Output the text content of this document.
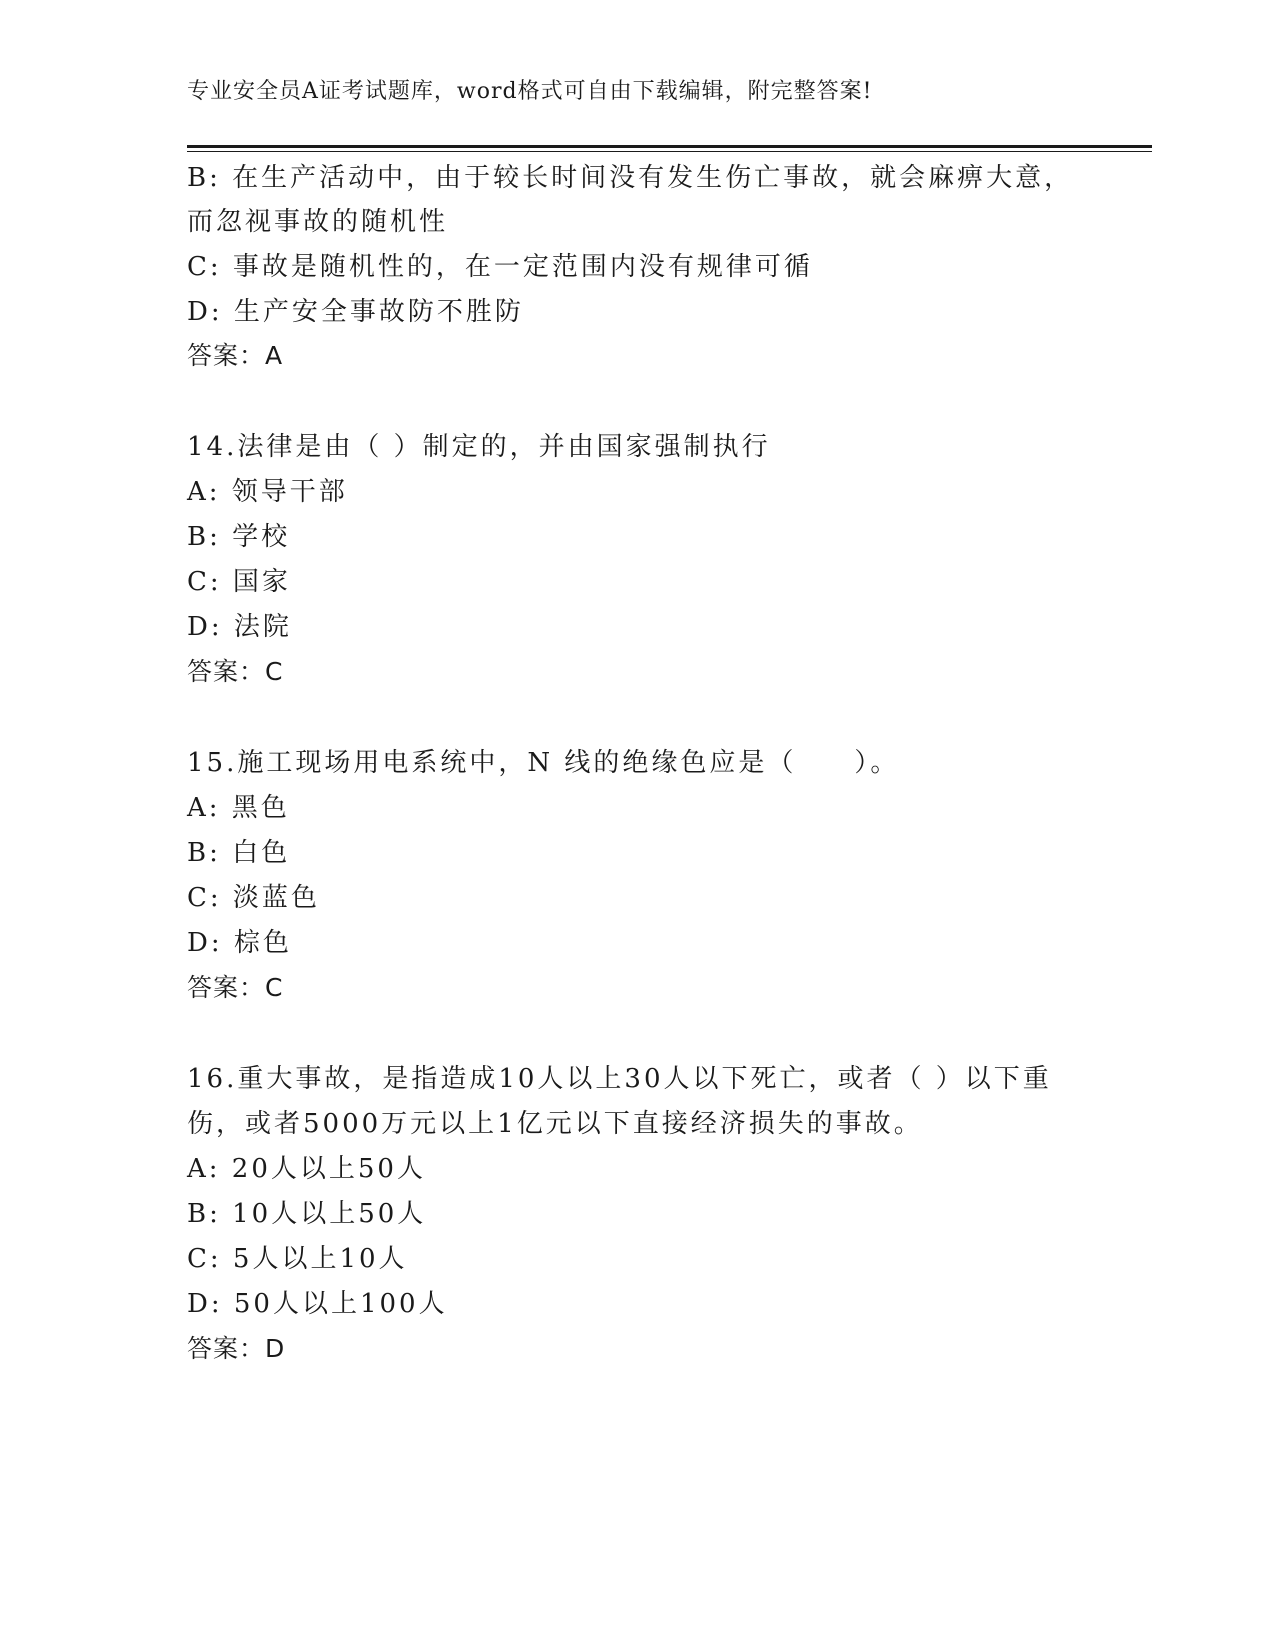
专业安全员A证考试题库，word格式可自由下载编辑，附完整答案!
B: 在生产活动中，由于较长时间没有发生伤亡事故，就会麻痹大意，
而忽视事故的随机性
C: 事故是随机性的，在一定范围内没有规律可循
D: 生产安全事故防不胜防
答案：A
14.法律是由（ ）制定的，并由国家强制执行
A: 领导干部
B: 学校
C: 国家
D: 法院
答案：C
15.施工现场用电系统中，N 线的绝缘色应是（　　）。
A: 黑色
B: 白色
C: 淡蓝色
D: 棕色
答案：C
16.重大事故，是指造成10人以上30人以下死亡，或者（ ）以下重
伤，或者5000万元以上1亿元以下直接经济损失的事故。
A: 20人以上50人
B: 10人以上50人
C: 5人以上10人
D: 50人以上100人
答案：D
